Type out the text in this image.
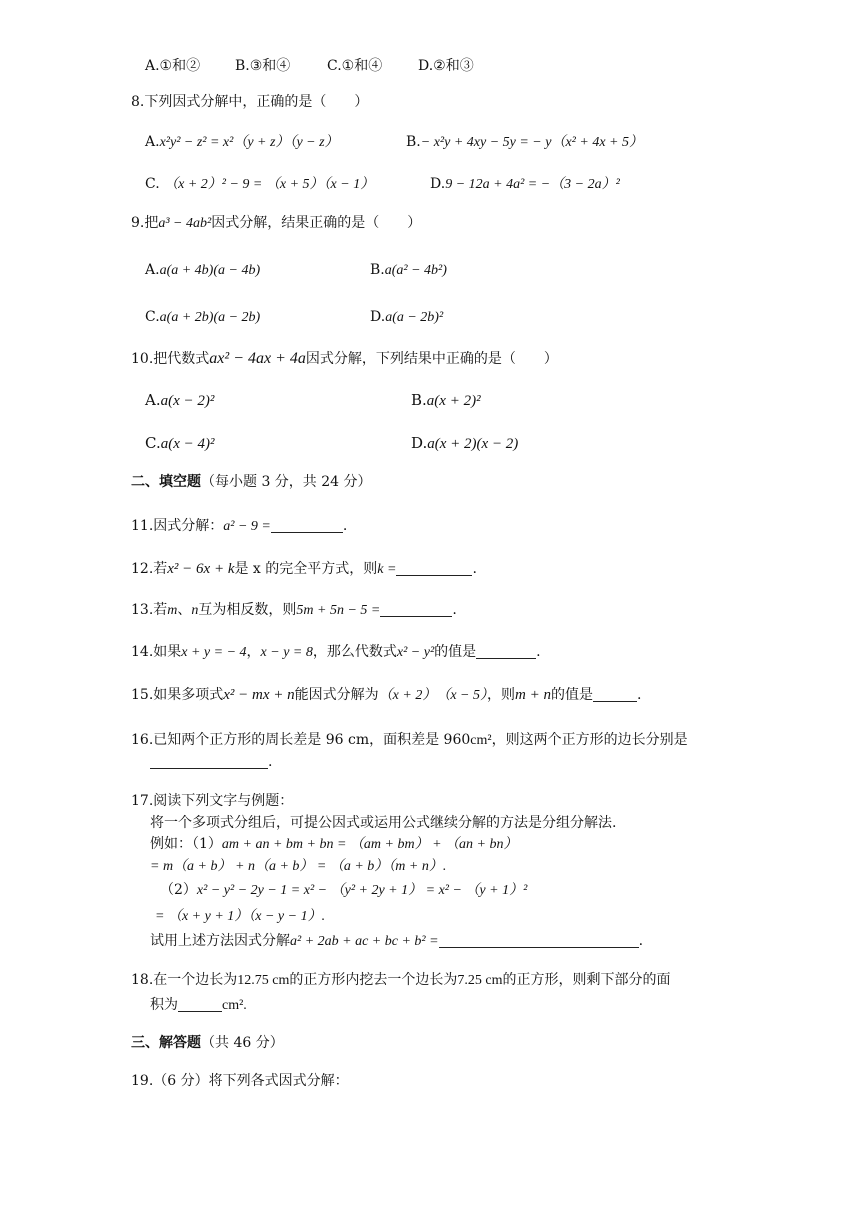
A.①和② B.③和④	C.①和④	D.②和③
8.下列因式分解中，正确的是（　　）
A.x²y² − z² = x²（y + z）（y − z）	B.− x²y + 4xy − 5y = − y（x² + 4x + 5）
C. （x + 2）² − 9 = （x + 5）（x − 1）	D.9 − 12a + 4a² = −（3 − 2a）²
9.把a³ − 4ab²因式分解，结果正确的是（　　）
A.a(a + 4b)(a − 4b)	B.a(a² − 4b²)
C.a(a + 2b)(a − 2b)	D.a(a − 2b)²
10.把代数式ax² − 4ax + 4a因式分解，下列结果中正确的是（　　）
A.a(x − 2)²	B.a(x + 2)²
C.a(x − 4)²	D.a(x + 2)(x − 2)
二、填空题（每小题 3 分，共 24 分）
11.因式分解：a² − 9 =	.
12.若x² − 6x + k是 x 的完全平方式，则k =	.
13.若m、n互为相反数，则5m + 5n − 5 =	.
14.如果x + y = − 4，x − y = 8，那么代数式x² − y²的值是	.
15.如果多项式x² − mx + n能因式分解为（x + 2）　（x − 5），则m + n的值是	.
16.已知两个正方形的周长差是 96 cm，面积差是 960cm²，则这两个正方形的边长分别是
.
17.阅读下列文字与例题：
将一个多项式分组后，可提公因式或运用公式继续分解的方法是分组分解法.
例如：（1）am + an + bm + bn = （am + bm） + （an + bn）
= m（a + b） + n（a + b） = （a + b）（m + n）.
（2）x² − y² − 2y − 1 = x² − （y² + 2y + 1） = x² − （y + 1）²
= （x + y + 1）（x − y − 1）.
试用上述方法因式分解a² + 2ab + ac + bc + b² =	.
18.在一个边长为12.75 cm的正方形内挖去一个边长为7.25 cm的正方形，则剩下部分的面
积为	cm².
三、解答题（共 46 分）
19.（6 分）将下列各式因式分解：
